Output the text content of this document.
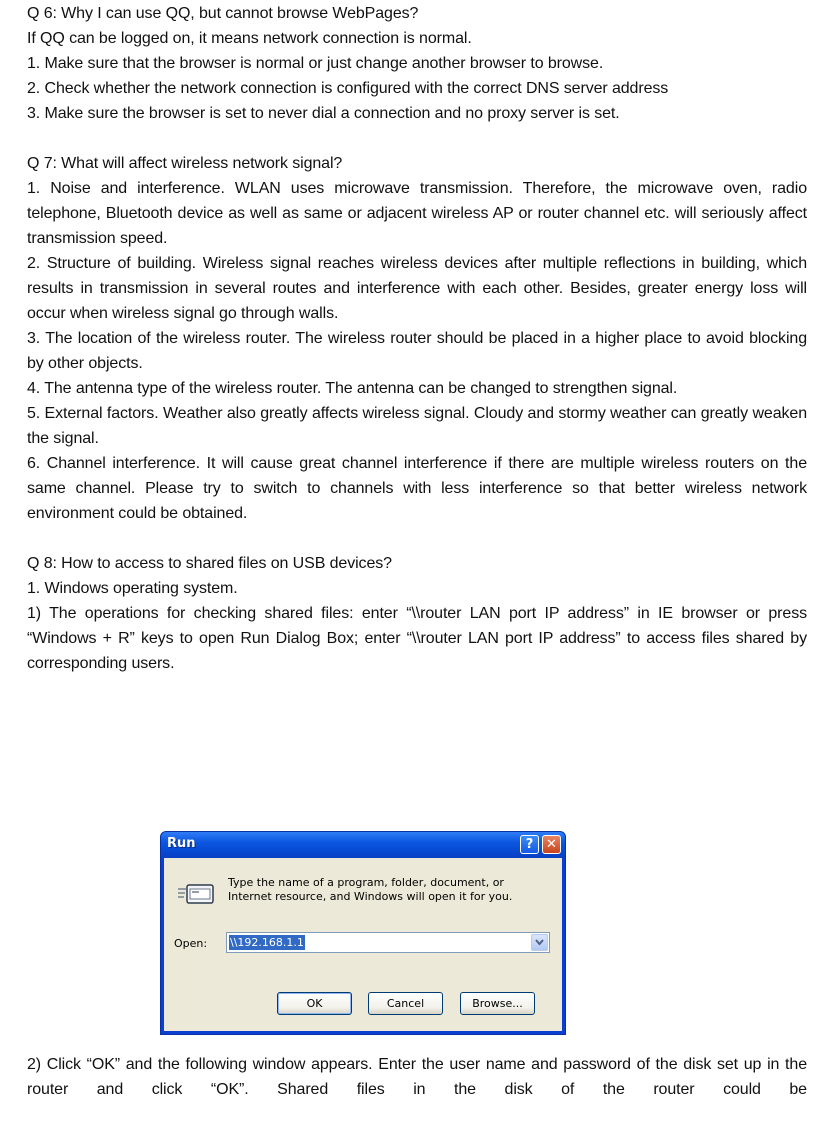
Q 6: Why I can use QQ, but cannot browse WebPages?

If QQ can be logged on, it means network connection is normal.

1. Make sure that the browser is normal or just change another browser to browse.

2. Check whether the network connection is configured with the correct DNS server address

3. Make sure the browser is set to never dial a connection and no proxy server is set.

Q 7: What will affect wireless network signal?

1. Noise and interference. WLAN uses microwave transmission. Therefore, the microwave oven, radio telephone, Bluetooth device as well as same or adjacent wireless AP or router channel etc. will seriously affect transmission speed.

2. Structure of building. Wireless signal reaches wireless devices after multiple reflections in building, which results in transmission in several routes and interference with each other. Besides, greater energy loss will occur when wireless signal go through walls.

3. The location of the wireless router. The wireless router should be placed in a higher place to avoid blocking by other objects.

4. The antenna type of the wireless router. The antenna can be changed to strengthen signal.

5. External factors. Weather also greatly affects wireless signal. Cloudy and stormy weather can greatly weaken the signal.

6. Channel interference. It will cause great channel interference if there are multiple wireless routers on the same channel. Please try to switch to channels with less interference so that better wireless network environment could be obtained.

Q 8: How to access to shared files on USB devices?

1. Windows operating system.

1) The operations for checking shared files: enter “\\router LAN port IP address” in IE browser or press “Windows + R” keys to open Run Dialog Box; enter “\\router LAN port IP address” to access files shared by corresponding users.

Run	? ✕
Type the name of a program, folder, document, or Internet resource, and Windows will open it for you.
Open: \\192.168.1.1
OK	Cancel	Browse...

2) Click “OK” and the following window appears. Enter the user name and password of the disk set up in the router and click “OK”. Shared files in the disk of the router could be
